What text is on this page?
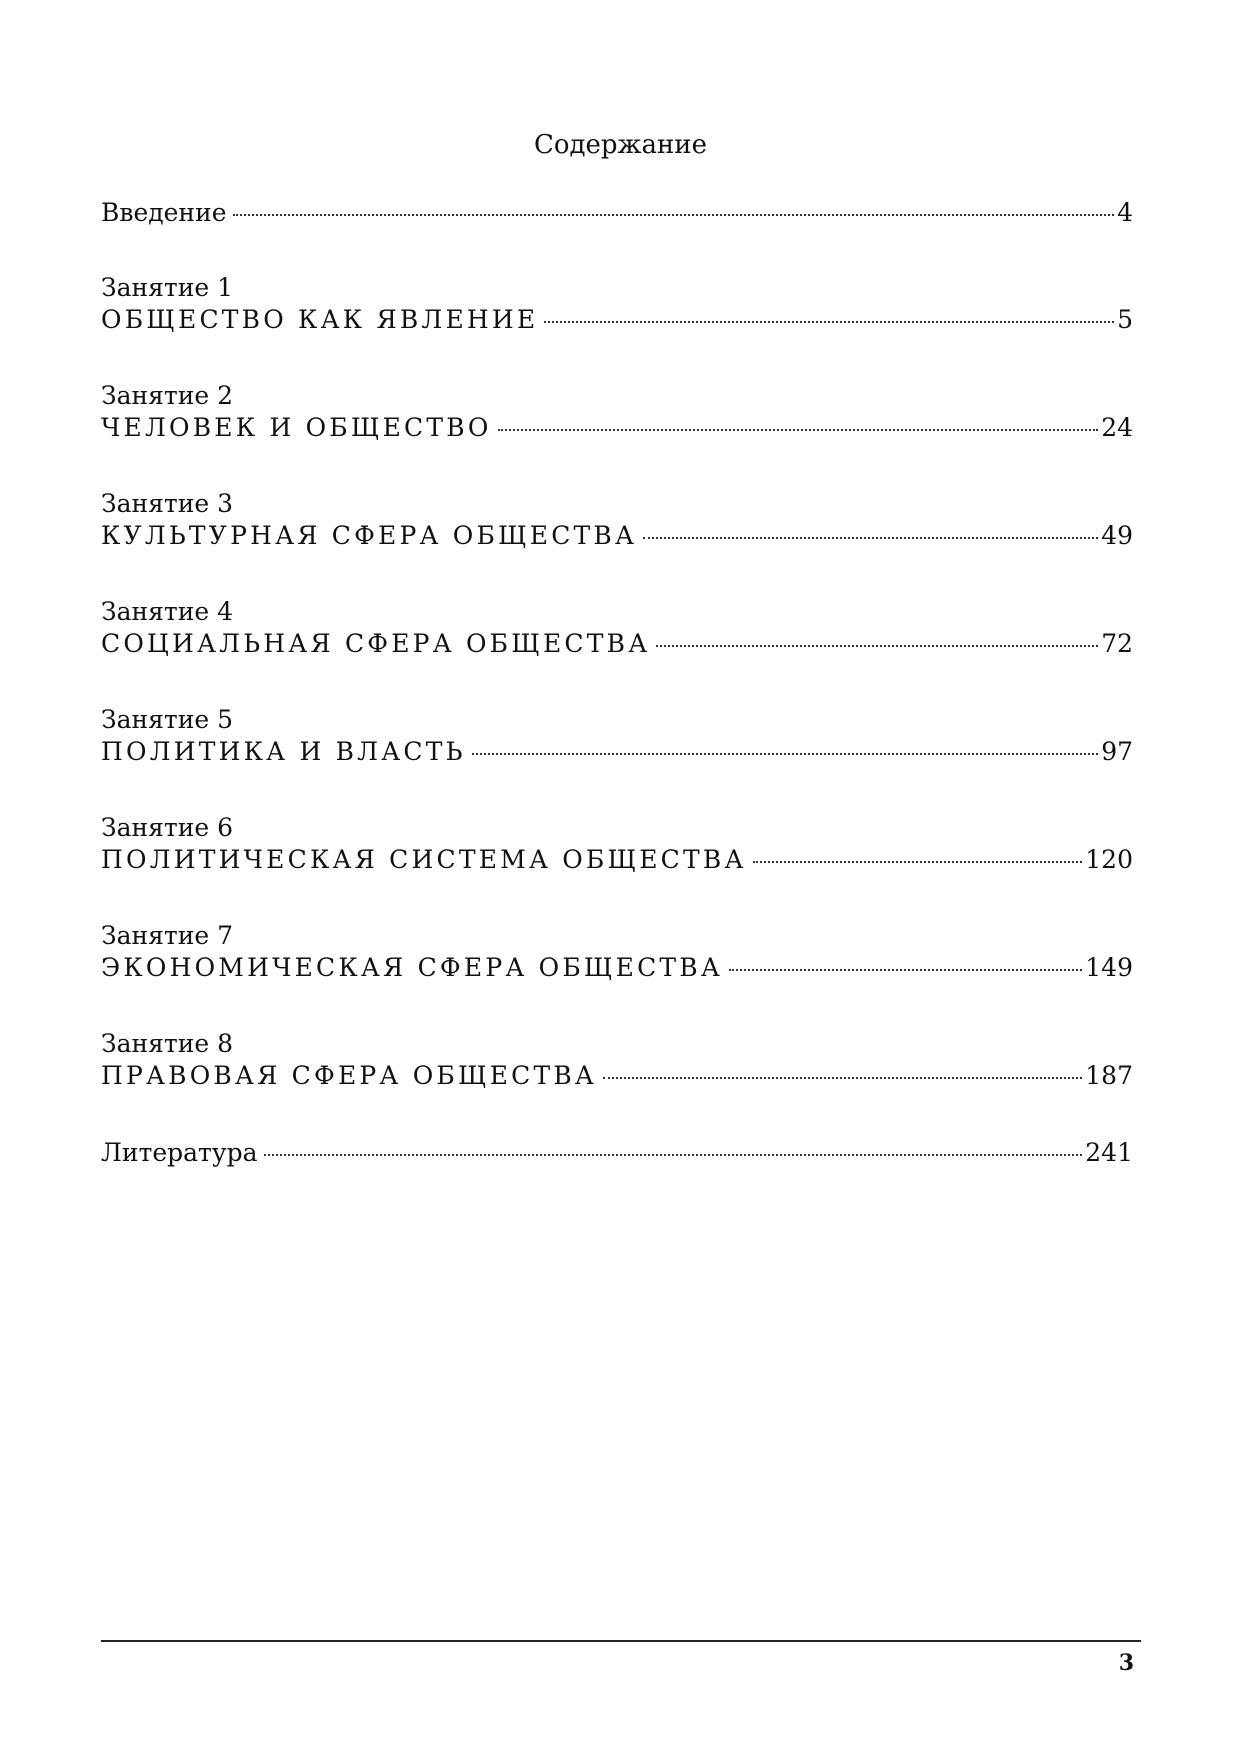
Содержание
Введение	4
Занятие 1
ОБЩЕСТВО КАК ЯВЛЕНИЕ	5
Занятие 2
ЧЕЛОВЕК И ОБЩЕСТВО	24
Занятие 3
КУЛЬТУРНАЯ СФЕРА ОБЩЕСТВА	49
Занятие 4
СОЦИАЛЬНАЯ СФЕРА ОБЩЕСТВА	72
Занятие 5
ПОЛИТИКА И ВЛАСТЬ	97
Занятие 6
ПОЛИТИЧЕСКАЯ СИСТЕМА ОБЩЕСТВА	120
Занятие 7
ЭКОНОМИЧЕСКАЯ СФЕРА ОБЩЕСТВА	149
Занятие 8
ПРАВОВАЯ СФЕРА ОБЩЕСТВА	187
Литература	241
3
